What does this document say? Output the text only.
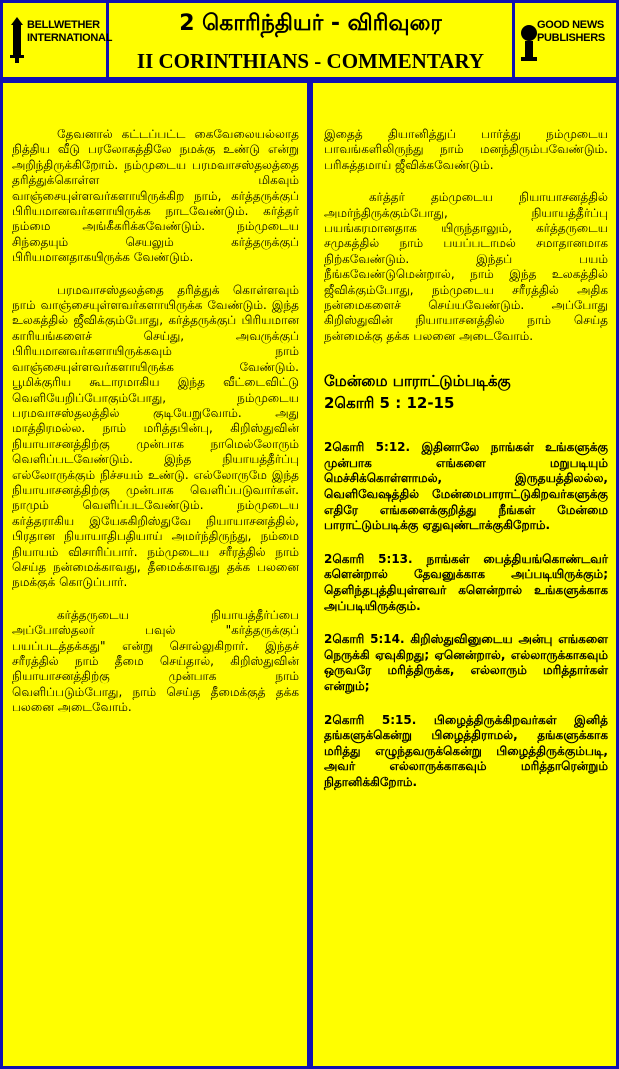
BELLWETHER INTERNATIONAL
2 கொரிந்தியர் - விரிவுரை
II CORINTHIANS - COMMENTARY
GOOD NEWS PUBLISHERS

தேவனால் கட்டப்பட்ட கைவேலையல்லாத நித்திய வீடு பரலோகத்திலே நமக்கு உண்டு என்று அறிந்திருக்கிறோம். நம்முடைய பரமவாசஸ்தலத்தை தரித்துக்கொள்ள மிகவும் வாஞ்சையுள்ளவர்களாயிருக்கிற நாம், கர்த்தருக்குப் பிரியமானவர்களாயிருக்க நாடவேண்டும். கர்த்தர் நம்மை அங்கீகரிக்கவேண்டும். நம்முடைய சிந்தையும் செயலும் கர்த்தருக்குப் பிரியமானதாகயிருக்க வேண்டும்.

பரமவாசஸ்தலத்தை தரித்துக் கொள்ளவும் நாம் வாஞ்சையுள்ளவர்களாயிருக்க வேண்டும். இந்த உலகத்தில் ஜீவிக்கும்போது, கர்த்தருக்குப் பிரியமான காரியங்களைச் செய்து, அவருக்குப் பிரியமானவர்களாயிருக்கவும் நாம் வாஞ்சையுள்ளவர்களாயிருக்க வேண்டும். பூமிக்குரிய கூடாரமாகிய இந்த வீட்டைவிட்டு வெளியேறிப்போகும்போது, நம்முடைய பரமவாசஸ்தலத்தில் குடியேறுவோம். அது மாத்திரமல்ல. நாம் மரித்தபின்பு, கிறிஸ்துவின் நியாயாசனத்திற்கு முன்பாக நாமெல்லோரும் வெளிப்படவேண்டும். இந்த நியாயத்தீர்ப்பு எல்லோருக்கும் நிச்சயம் உண்டு. எல்லோருமே இந்த நியாயாசனத்திற்கு முன்பாக வெளிப்படுவார்கள். நாமும் வெளிப்படவேண்டும். நம்முடைய கர்த்தராகிய இயேசுகிறிஸ்துவே நியாயாசனத்தில், பிரதான நியாயாதிபதியாய் அமர்ந்திருந்து, நம்மை நியாயம் விசாரிப்பார். நம்முடைய சரீரத்தில் நாம் செய்த நன்மைக்காவது, தீமைக்காவது தக்க பலனை நமக்குக் கொடுப்பார்.

கர்த்தருடைய நியாயத்தீர்ப்பை அப்போஸ்தலர் பவுல் "கர்த்தருக்குப் பயப்படத்தக்கது" என்று சொல்லுகிறார். இந்தச் சரீரத்தில் நாம் தீமை செய்தால், கிறிஸ்துவின் நியாயாசனத்திற்கு முன்பாக நாம் வெளிப்படும்போது, நாம் செய்த தீமைக்குத் தக்க பலனை அடைவோம்.

இதைத் தியானித்துப் பார்த்து நம்முடைய பாவங்களிலிருந்து நாம் மனந்திரும்பவேண்டும். பரிசுத்தமாய் ஜீவிக்கவேண்டும்.

கர்த்தர் தம்முடைய நியாயாசனத்தில் அமர்ந்திருக்கும்போது, நியாயத்தீர்ப்பு பயங்கரமானதாக யிருந்தாலும், கர்த்தருடைய சமுகத்தில் நாம் பயப்படாமல் சமாதானமாக நிற்கவேண்டும். இந்தப் பயம் நீங்கவேண்டுமென்றால், நாம் இந்த உலகத்தில் ஜீவிக்கும்போது, நம்முடைய சரீரத்தில் அதிக நன்மைகளைச் செய்யவேண்டும். அப்போது கிறிஸ்துவின் நியாயாசனத்தில் நாம் செய்த நன்மைக்கு தக்க பலனை அடைவோம்.

மேன்மை பாராட்டும்படிக்கு
2கொரி 5 : 12-15

2கொரி 5:12. இதினாலே நாங்கள் உங்களுக்கு முன்பாக எங்களை மறுபடியும் மெச்சிக்கொள்ளாமல், இருதயத்திலல்ல, வெளிவேஷத்தில் மேன்மைபாராட்டுகிறவர்களுக்கு எதிரே எங்களைக்குறித்து நீங்கள் மேன்மை பாராட்டும்படிக்கு ஏதுவுண்டாக்குகிறோம்.

2கொரி 5:13. நாங்கள் பைத்தியங்கொண்டவர் களென்றால் தேவனுக்காக அப்படியிருக்கும்; தெளிந்தபுத்தியுள்ளவர் களென்றால் உங்களுக்காக அப்படியிருக்கும்.

2கொரி 5:14. கிறிஸ்துவினுடைய அன்பு எங்களை நெருக்கி ஏவுகிறது; ஏனென்றால், எல்லாருக்காகவும் ஒருவரே மரித்திருக்க, எல்லாரும் மரித்தார்கள் என்றும்;

2கொரி 5:15. பிழைத்திருக்கிறவர்கள் இனித் தங்களுக்கென்று பிழைத்திராமல், தங்களுக்காக மரித்து எழுந்தவருக்கென்று பிழைத்திருக்கும்படி, அவர் எல்லாருக்காகவும் மரித்தாரென்றும் நிதானிக்கிறோம்.
